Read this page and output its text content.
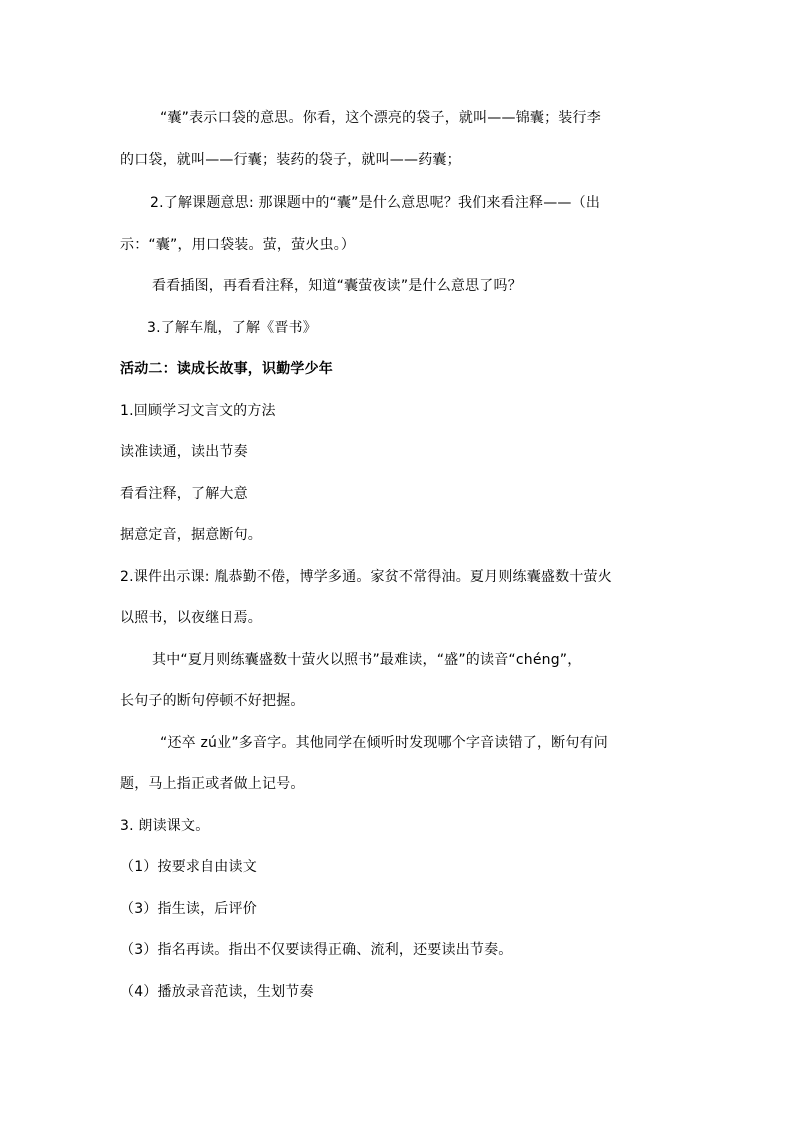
“囊”表示口袋的意思。你看，这个漂亮的袋子，就叫——锦囊；装行李
的口袋，就叫——行囊；装药的袋子，就叫——药囊；
2.了解课题意思: 那课题中的“囊”是什么意思呢？我们来看注释——（出
示：“囊”，用口袋装。萤，萤火虫。）
看看插图，再看看注释，知道“囊萤夜读”是什么意思了吗？
3.了解车胤，了解《晋书》
活动二：读成长故事，识勤学少年
1.回顾学习文言文的方法
读准读通，读出节奏
看看注释，了解大意
据意定音，据意断句。
2.课件出示课: 胤恭勤不倦，博学多通。家贫不常得油。夏月则练囊盛数十萤火
以照书，以夜继日焉。
其中“夏月则练囊盛数十萤火以照书”最难读，“盛”的读音“chéng”，
长句子的断句停顿不好把握。
“还卒 zú业”多音字。其他同学在倾听时发现哪个字音读错了，断句有问
题，马上指正或者做上记号。
3. 朗读课文。
（1）按要求自由读文
（3）指生读，后评价
（3）指名再读。指出不仅要读得正确、流利，还要读出节奏。
（4）播放录音范读，生划节奏
